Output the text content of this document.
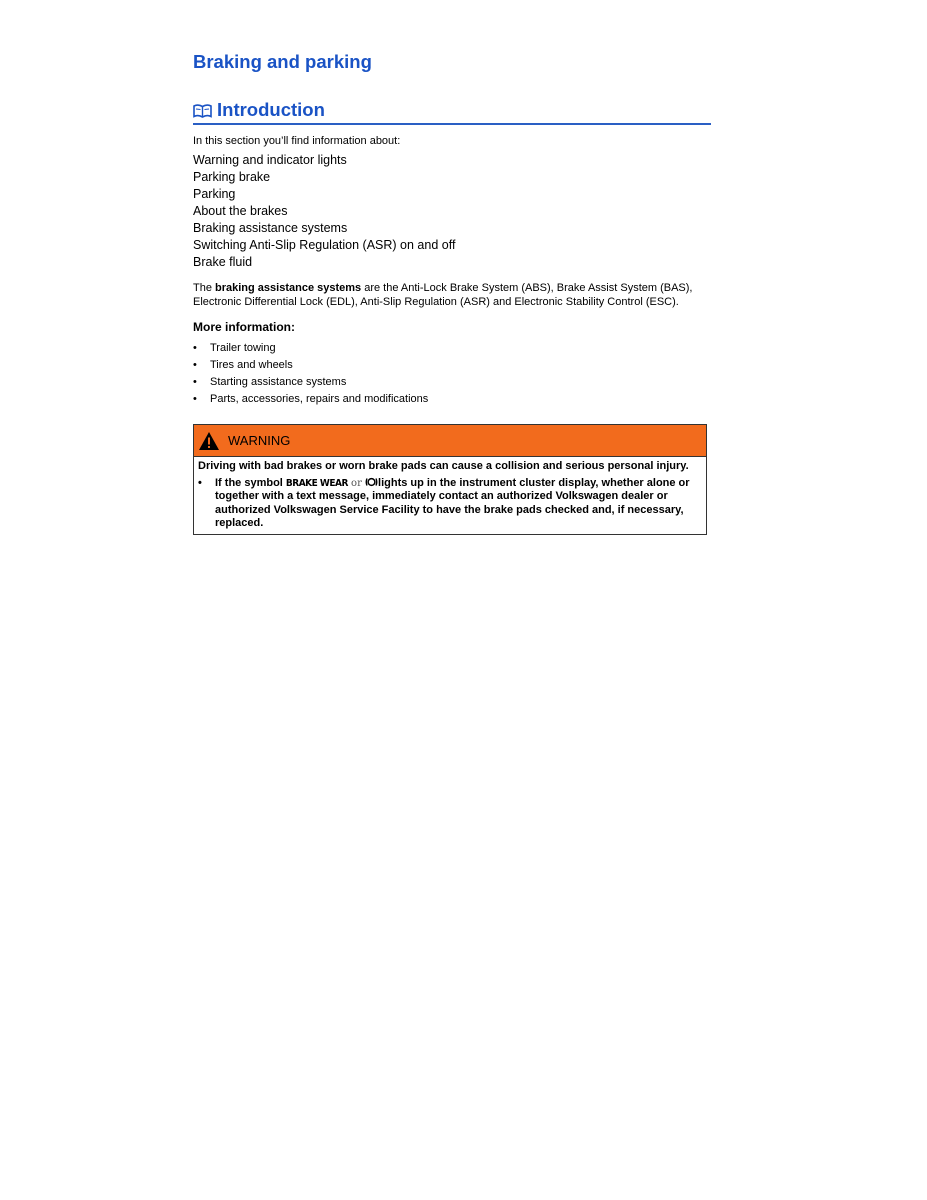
Braking and parking
Introduction
In this section you’ll find information about:
Warning and indicator lights
Parking brake
Parking
About the brakes
Braking assistance systems
Switching Anti-Slip Regulation (ASR) on and off
Brake fluid
The braking assistance systems are the Anti-Lock Brake System (ABS), Brake Assist System (BAS), Electronic Differential Lock (EDL), Anti-Slip Regulation (ASR) and Electronic Stability Control (ESC).
More information:
•	Trailer towing
•	Tires and wheels
•	Starting assistance systems
•	Parts, accessories, repairs and modifications
WARNING
Driving with bad brakes or worn brake pads can cause a collision and serious personal injury.
•	If the symbol BRAKE WEAR or lights up in the instrument cluster display, whether alone or together with a text message, immediately contact an authorized Volkswagen dealer or authorized Volkswagen Service Facility to have the brake pads checked and, if necessary, replaced.
